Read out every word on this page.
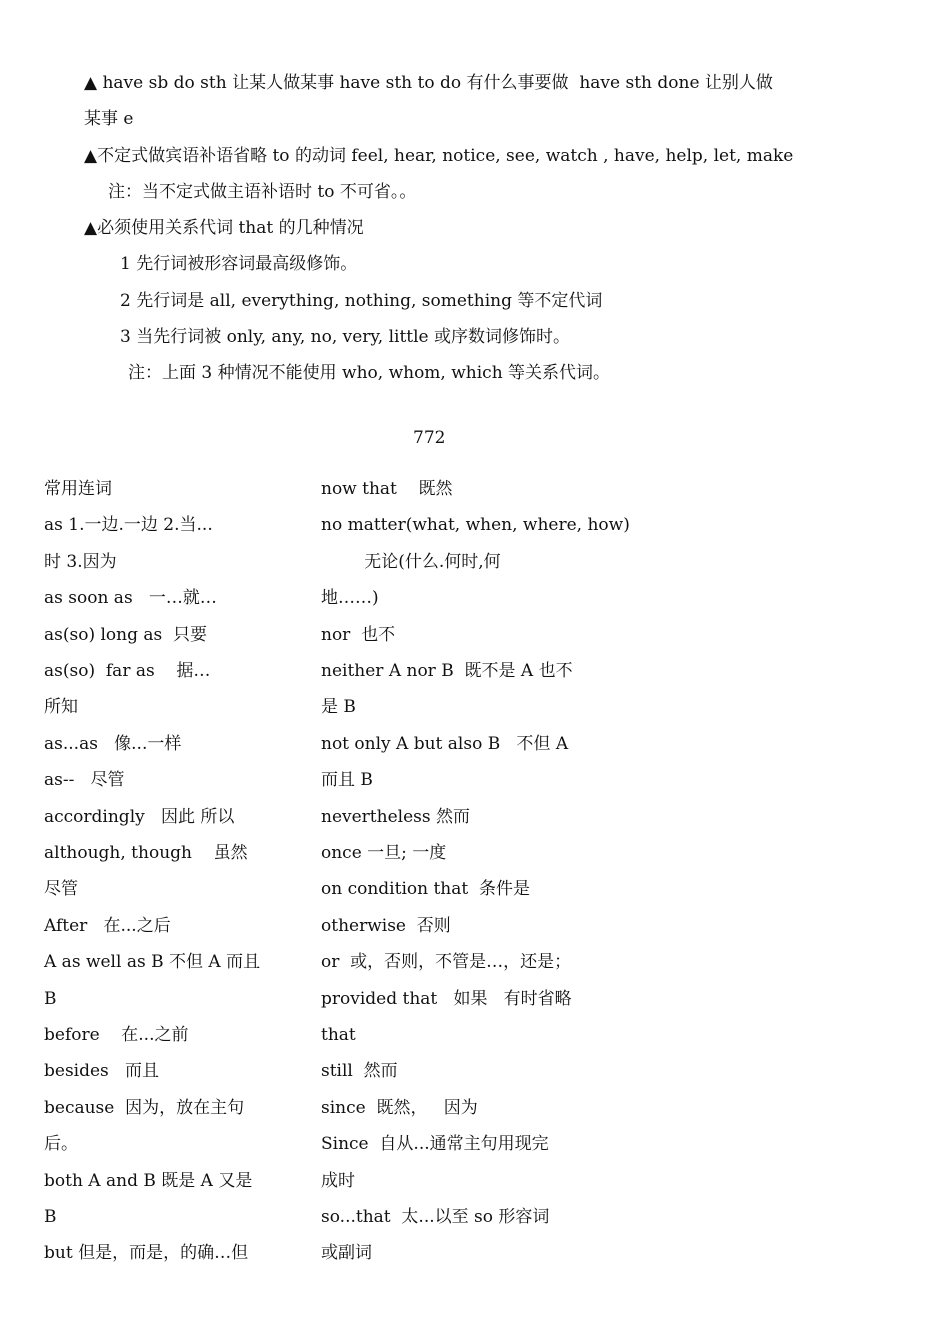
▲ have sb do sth 让某人做某事 have sth to do 有什么事要做  have sth done 让别人做
某事 e
▲不定式做宾语补语省略 to 的动词 feel, hear, notice, see, watch , have, help, let, make
注：当不定式做主语补语时 to 不可省。。
▲必须使用关系代词 that 的几种情况
1 先行词被形容词最高级修饰。
2 先行词是 all, everything, nothing, something 等不定代词
3 当先行词被 only, any, no, very, little 或序数词修饰时。
注：上面 3 种情况不能使用 who, whom, which 等关系代词。
772
常用连词
as 1.一边.一边 2.当...
时 3.因为
as soon as   一…就…
as(so) long as  只要
as(so)  far as    据…
所知
as...as   像...一样
as--   尽管
accordingly   因此 所以
although, though    虽然
尽管
After   在...之后
A as well as B 不但 A 而且
B
before    在...之前
besides   而且
because  因为，放在主句
后。
both A and B 既是 A 又是
B
but 但是，而是，的确…但
now that    既然
no matter(what, when, where, how)
无论(什么.何时,何
地……)
nor  也不
neither A nor B  既不是 A 也不
是 B
not only A but also B   不但 A
而且 B
nevertheless 然而
once 一旦; 一度
on condition that  条件是
otherwise  否则
or  或，否则，不管是…，还是；
provided that   如果   有时省略
that
still  然而
since  既然，   因为
Since  自从...通常主句用现完
成时
so...that  太...以至 so 形容词
或副词
